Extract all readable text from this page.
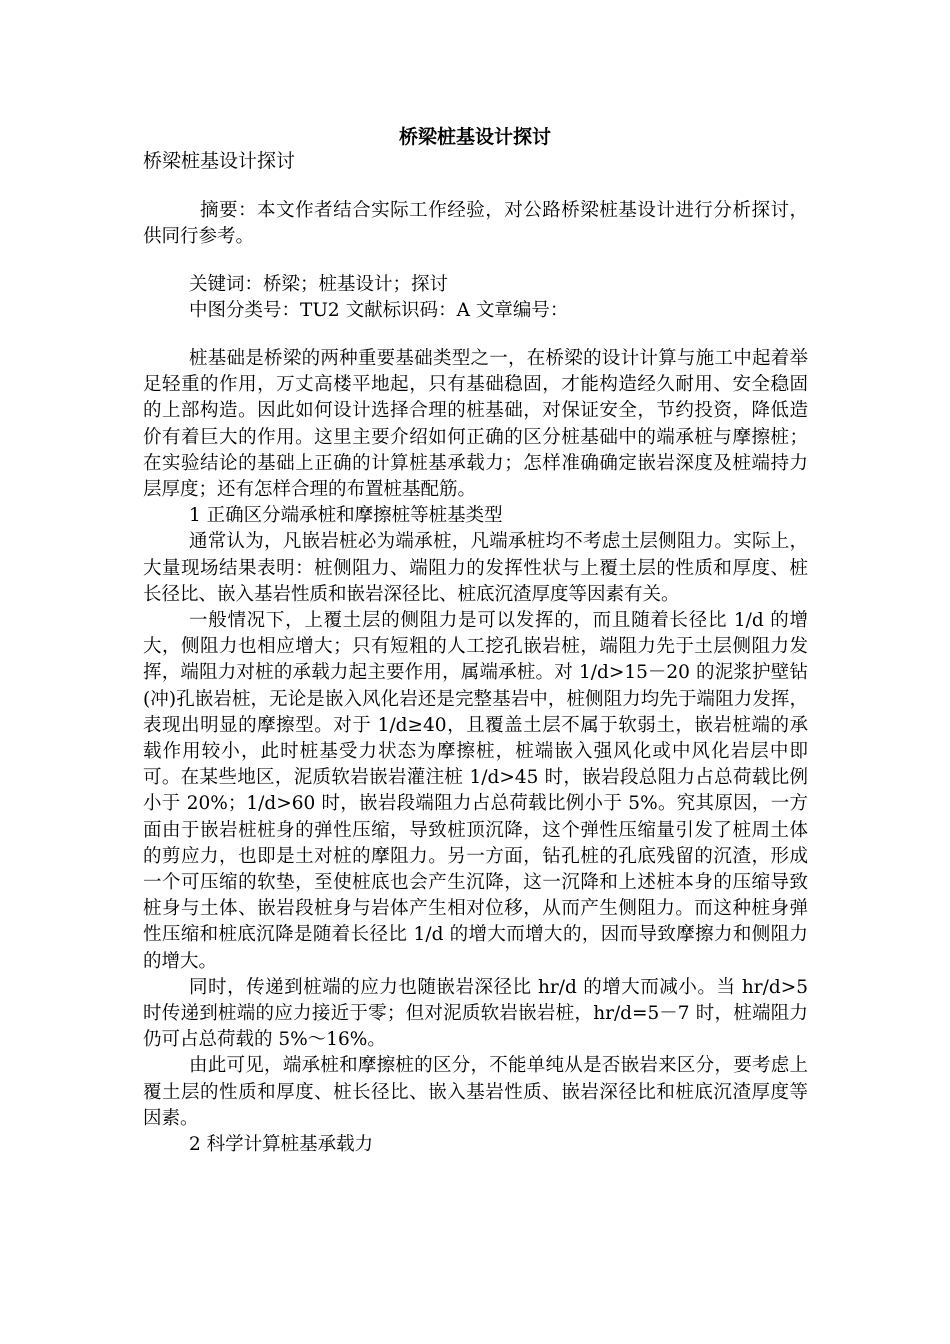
桥梁桩基设计探讨
桥梁桩基设计探讨

摘要：本文作者结合实际工作经验，对公路桥梁桩基设计进行分析探讨，供同行参考。

关键词：桥梁；桩基设计；探讨

中图分类号：TU2 文献标识码：A 文章编号：

桩基础是桥梁的两种重要基础类型之一，在桥梁的设计计算与施工中起着举足轻重的作用，万丈高楼平地起，只有基础稳固，才能构造经久耐用、安全稳固的上部构造。因此如何设计选择合理的桩基础，对保证安全，节约投资，降低造价有着巨大的作用。这里主要介绍如何正确的区分桩基础中的端承桩与摩擦桩；在实验结论的基础上正确的计算桩基承载力；怎样准确确定嵌岩深度及桩端持力层厚度；还有怎样合理的布置桩基配筋。

1 正确区分端承桩和摩擦桩等桩基类型

通常认为，凡嵌岩桩必为端承桩，凡端承桩均不考虑土层侧阻力。实际上，大量现场结果表明：桩侧阻力、端阻力的发挥性状与上覆土层的性质和厚度、桩长径比、嵌入基岩性质和嵌岩深径比、桩底沉渣厚度等因素有关。

一般情况下，上覆土层的侧阻力是可以发挥的，而且随着长径比 1/d 的增大，侧阻力也相应增大；只有短粗的人工挖孔嵌岩桩，端阻力先于土层侧阻力发挥，端阻力对桩的承载力起主要作用，属端承桩。对 1/d>15－20 的泥浆护壁钻(冲)孔嵌岩桩，无论是嵌入风化岩还是完整基岩中，桩侧阻力均先于端阻力发挥，表现出明显的摩擦型。对于 1/d≥40，且覆盖土层不属于软弱土，嵌岩桩端的承载作用较小，此时桩基受力状态为摩擦桩，桩端嵌入强风化或中风化岩层中即可。在某些地区，泥质软岩嵌岩灌注桩 1/d>45 时，嵌岩段总阻力占总荷载比例小于 20%；1/d>60 时，嵌岩段端阻力占总荷载比例小于 5%。究其原因，一方面由于嵌岩桩桩身的弹性压缩，导致桩顶沉降，这个弹性压缩量引发了桩周土体的剪应力，也即是土对桩的摩阻力。另一方面，钻孔桩的孔底残留的沉渣，形成一个可压缩的软垫，至使桩底也会产生沉降，这一沉降和上述桩本身的压缩导致桩身与土体、嵌岩段桩身与岩体产生相对位移，从而产生侧阻力。而这种桩身弹性压缩和桩底沉降是随着长径比 1/d 的增大而增大的，因而导致摩擦力和侧阻力的增大。

同时，传递到桩端的应力也随嵌岩深径比 hr/d 的增大而减小。当 hr/d>5 时传递到桩端的应力接近于零；但对泥质软岩嵌岩桩，hr/d=5－7 时，桩端阻力仍可占总荷载的 5%～16%。

由此可见，端承桩和摩擦桩的区分，不能单纯从是否嵌岩来区分，要考虑上覆土层的性质和厚度、桩长径比、嵌入基岩性质、嵌岩深径比和桩底沉渣厚度等因素。

2 科学计算桩基承载力
